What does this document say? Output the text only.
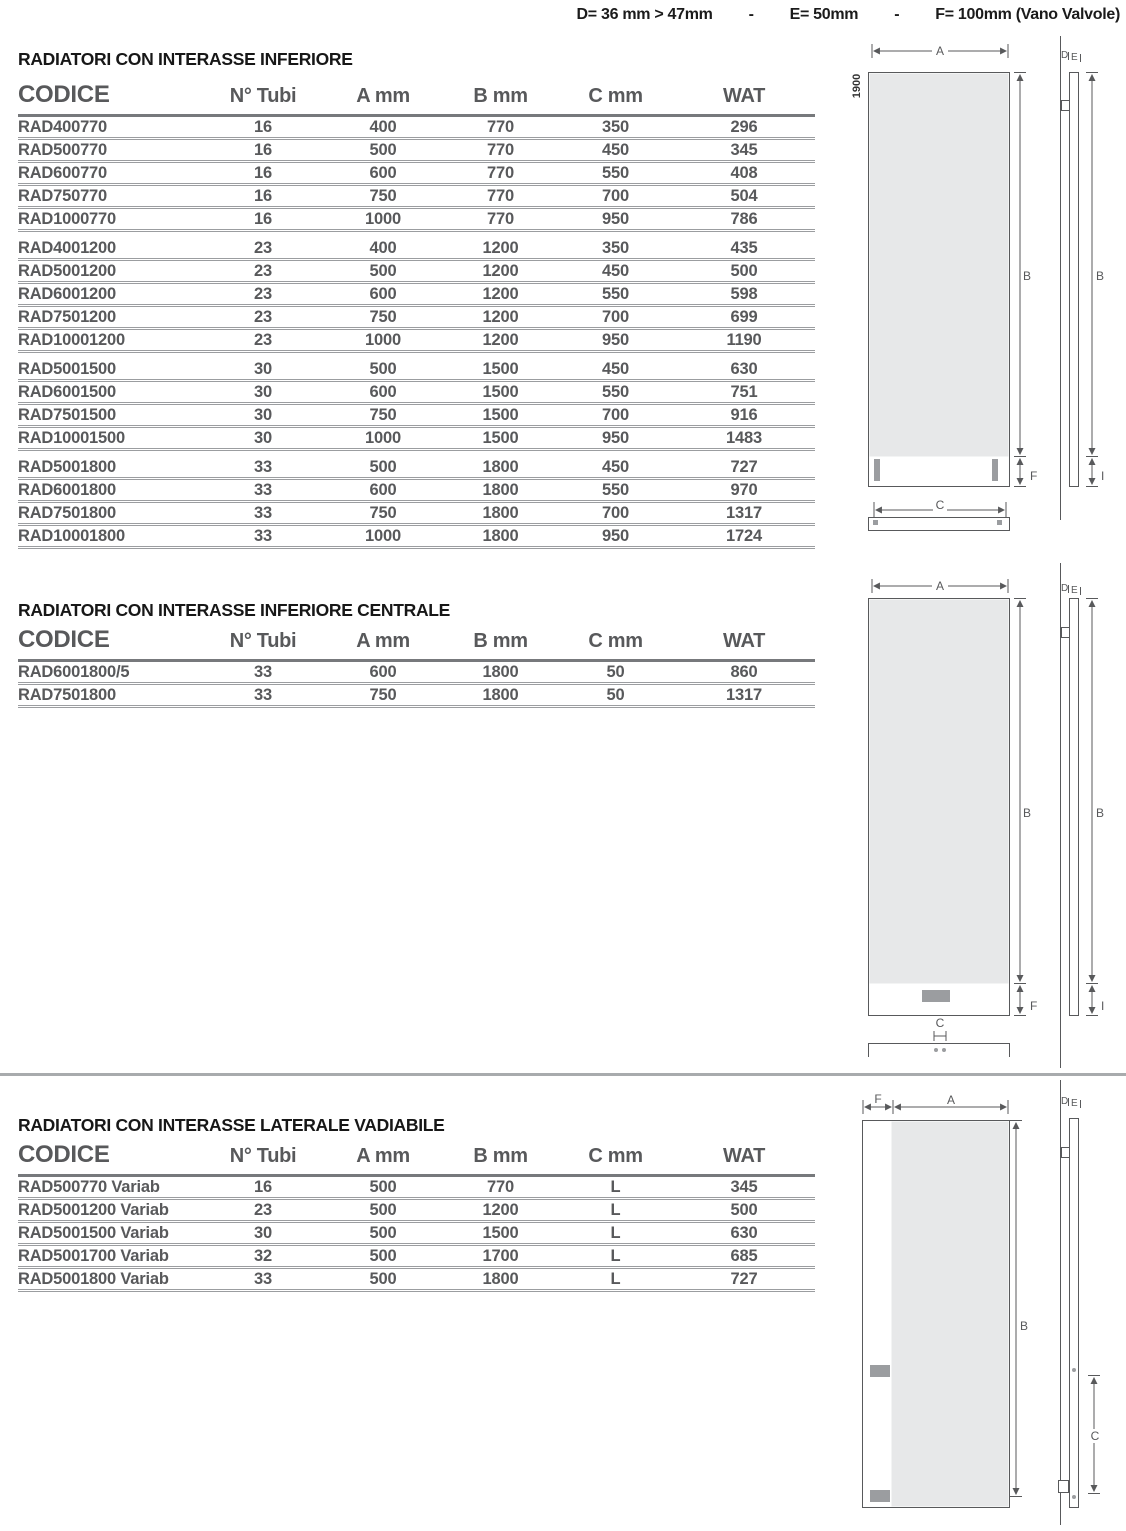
D= 36 mm > 47mm - E= 50mm - F= 100mm (Vano Valvole)
RADIATORI CON INTERASSE INFERIORE
CODICE	N° Tubi	A mm	B mm	C mm	WAT
RAD400770	16	400	770	350	296
RAD500770	16	500	770	450	345
RAD600770	16	600	770	550	408
RAD750770	16	750	770	700	504
RAD1000770	16	1000	770	950	786
RAD4001200	23	400	1200	350	435
RAD5001200	23	500	1200	450	500
RAD6001200	23	600	1200	550	598
RAD7501200	23	750	1200	700	699
RAD10001200	23	1000	1200	950	1190
RAD5001500	30	500	1500	450	630
RAD6001500	30	600	1500	550	751
RAD7501500	30	750	1500	700	916
RAD10001500	30	1000	1500	950	1483
RAD5001800	33	500	1800	450	727
RAD6001800	33	600	1800	550	970
RAD7501800	33	750	1800	700	1317
RAD10001800	33	1000	1800	950	1724
RADIATORI CON INTERASSE INFERIORE CENTRALE
CODICE	N° Tubi	A mm	B mm	C mm	WAT
RAD6001800/5	33	600	1800	50	860
RAD7501800	33	750	1800	50	1317
RADIATORI CON INTERASSE LATERALE VADIABILE
CODICE	N° Tubi	A mm	B mm	C mm	WAT
RAD500770 Variab	16	500	770	L	345
RAD5001200 Variab	23	500	1200	L	500
RAD5001500 Variab	30	500	1500	L	630
RAD5001700 Variab	32	500	1700	L	685
RAD5001800 Variab	33	500	1800	L	727
A
1900
B
F
C
D E
B
I
A
B
F
C
D E
B
I
F	A
B
D E
C
